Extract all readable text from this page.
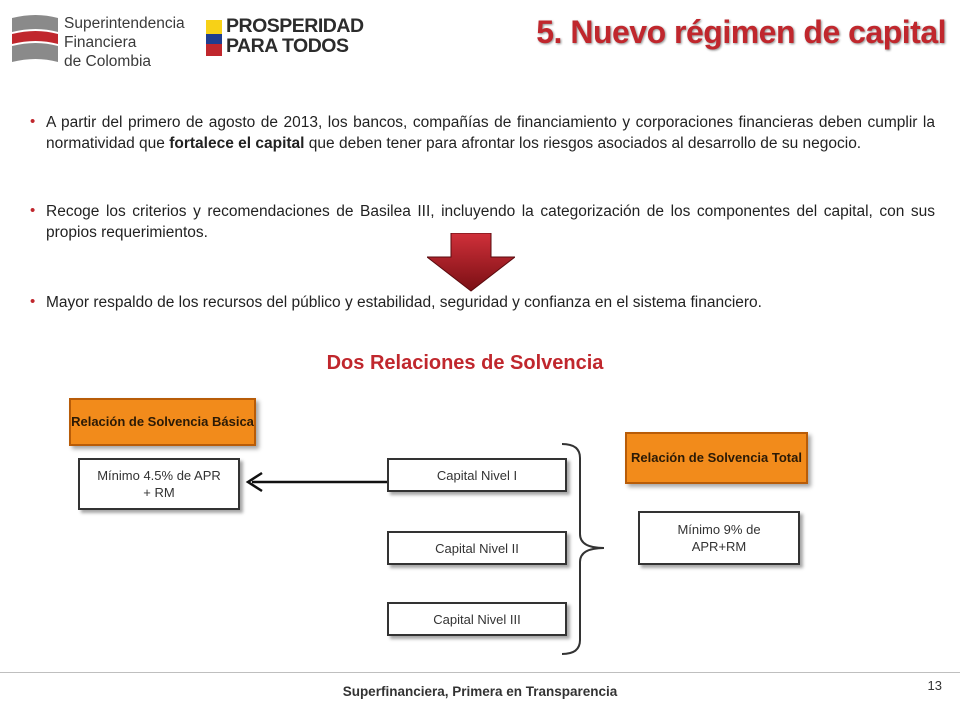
Superintendencia
Financiera
de Colombia
PROSPERIDAD
PARA TODOS	5. Nuevo régimen de capital
• A partir del primero de agosto de 2013, los bancos, compañías de financiamiento y corporaciones financieras deben cumplir la normatividad que fortalece el capital que deben tener para afrontar los riesgos asociados al desarrollo de su negocio.
• Recoge los criterios y recomendaciones de Basilea III, incluyendo la categorización de los componentes del capital, con sus propios requerimientos.
• Mayor respaldo de los recursos del público y estabilidad, seguridad y confianza en el sistema financiero.
Dos Relaciones de Solvencia
Relación de Solvencia Básica
Mínimo 4.5% de APR + RM
Capital Nivel I
Capital Nivel II
Capital Nivel III
Relación de Solvencia Total
Mínimo 9% de APR+RM
Superfinanciera, Primera en Transparencia	13
